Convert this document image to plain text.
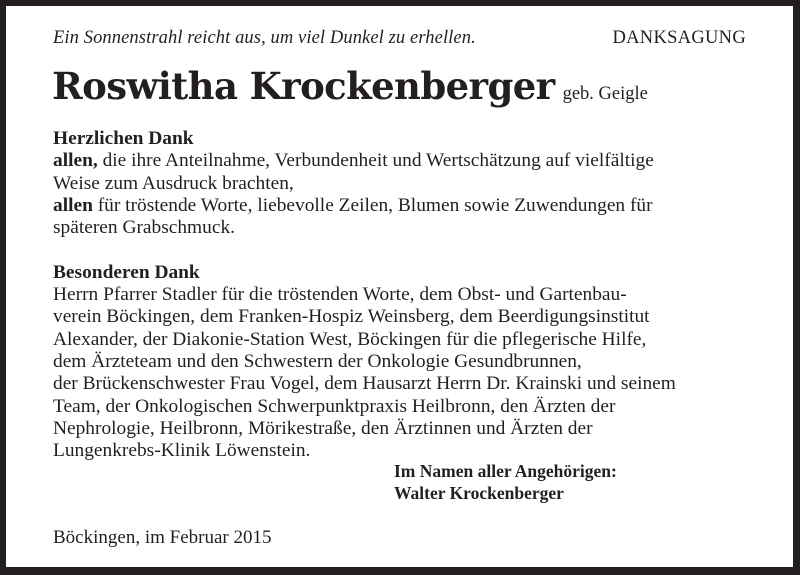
Ein Sonnenstrahl reicht aus, um viel Dunkel zu erhellen.	DANKSAGUNG
Roswitha Krockenberger geb. Geigle
Herzlichen Dank
allen, die ihre Anteilnahme, Verbundenheit und Wertschätzung auf vielfältige
Weise zum Ausdruck brachten,
allen für tröstende Worte, liebevolle Zeilen, Blumen sowie Zuwendungen für
späteren Grabschmuck.
Besonderen Dank
Herrn Pfarrer Stadler für die tröstenden Worte, dem Obst- und Gartenbau-
verein Böckingen, dem Franken-Hospiz Weinsberg, dem Beerdigungsinstitut
Alexander, der Diakonie-Station West, Böckingen für die pflegerische Hilfe,
dem Ärzteteam und den Schwestern der Onkologie Gesundbrunnen,
der Brückenschwester Frau Vogel, dem Hausarzt Herrn Dr. Krainski und seinem
Team, der Onkologischen Schwerpunktpraxis Heilbronn, den Ärzten der
Nephrologie, Heilbronn, Mörikestraße, den Ärztinnen und Ärzten der
Lungenkrebs-Klinik Löwenstein.
Im Namen aller Angehörigen:
Walter Krockenberger
Böckingen, im Februar 2015
